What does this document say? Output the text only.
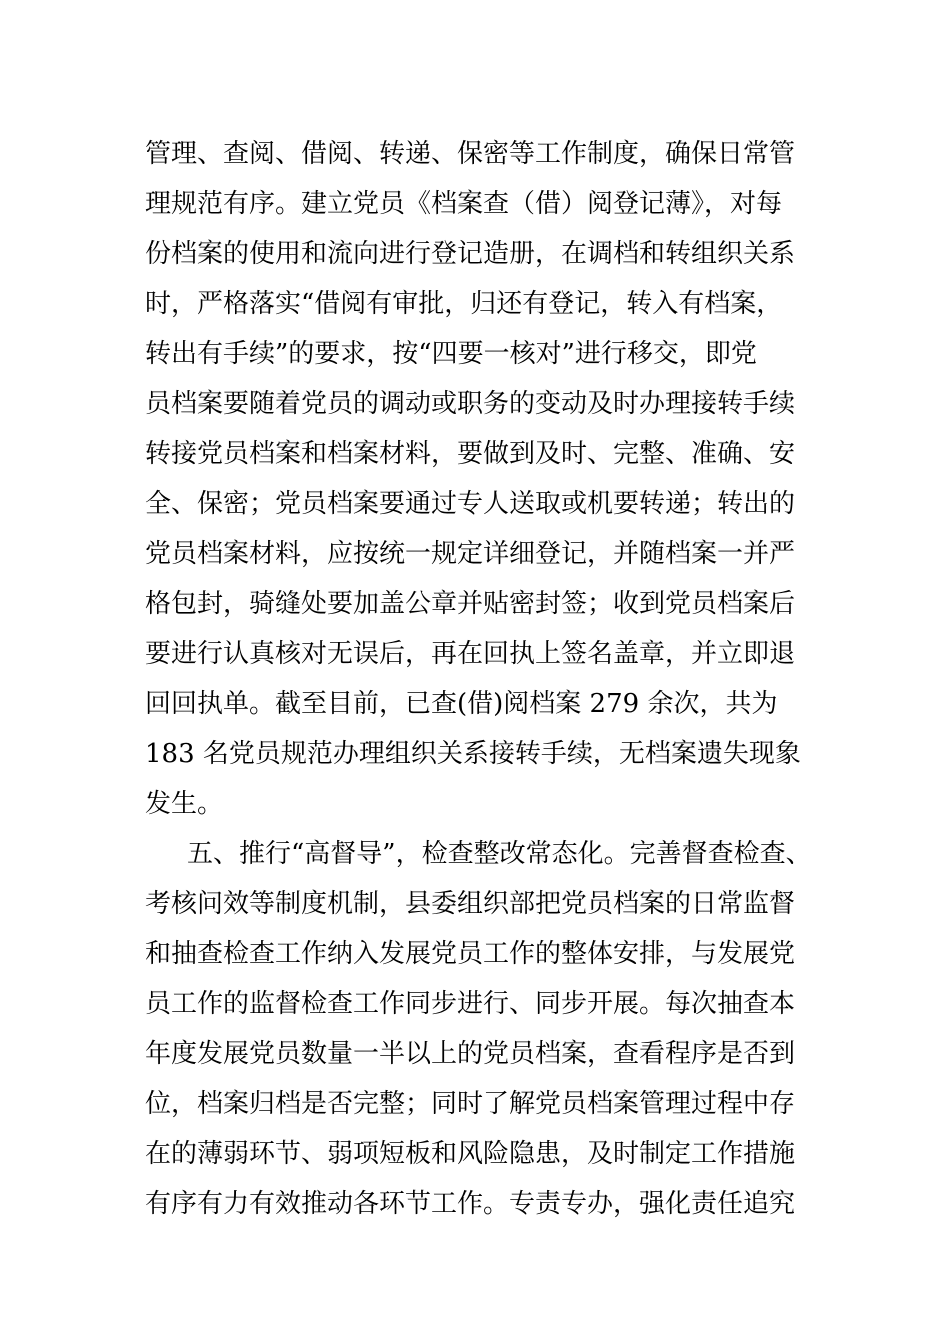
管理、查阅、借阅、转递、保密等工作制度，确保日常管
理规范有序。建立党员《档案查（借）阅登记薄》，对每
份档案的使用和流向进行登记造册，在调档和转组织关系
时，严格落实“借阅有审批，归还有登记，转入有档案，
转出有手续”的要求，按“四要一核对”进行移交，即党
员档案要随着党员的调动或职务的变动及时办理接转手续
转接党员档案和档案材料，要做到及时、完整、准确、安
全、保密；党员档案要通过专人送取或机要转递；转出的
党员档案材料，应按统一规定详细登记，并随档案一并严
格包封，骑缝处要加盖公章并贴密封签；收到党员档案后
要进行认真核对无误后，再在回执上签名盖章，并立即退
回回执单。截至目前，已查(借)阅档案 279 余次，共为
183 名党员规范办理组织关系接转手续，无档案遗失现象
发生。
五、推行“高督导”，检查整改常态化。完善督查检查、
考核问效等制度机制，县委组织部把党员档案的日常监督
和抽查检查工作纳入发展党员工作的整体安排，与发展党
员工作的监督检查工作同步进行、同步开展。每次抽查本
年度发展党员数量一半以上的党员档案，查看程序是否到
位，档案归档是否完整；同时了解党员档案管理过程中存
在的薄弱环节、弱项短板和风险隐患，及时制定工作措施
有序有力有效推动各环节工作。专责专办，强化责任追究
